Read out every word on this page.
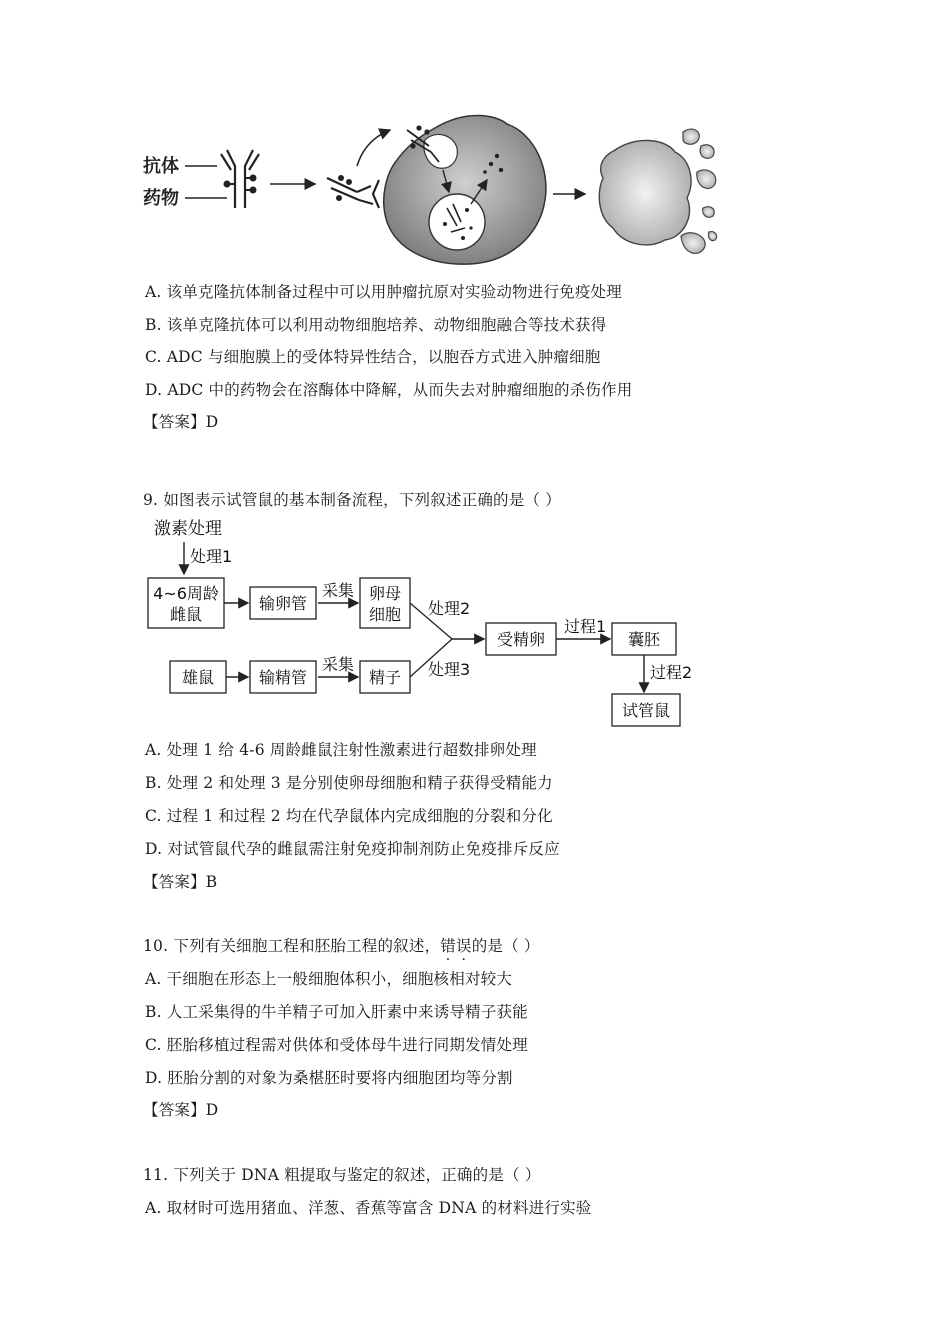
抗体
药物
A. 该单克隆抗体制备过程中可以用肿瘤抗原对实验动物进行免疫处理
B. 该单克隆抗体可以利用动物细胞培养、动物细胞融合等技术获得
C. ADC 与细胞膜上的受体特异性结合，以胞吞方式进入肿瘤细胞
D. ADC 中的药物会在溶酶体中降解，从而失去对肿瘤细胞的杀伤作用
【答案】D
9. 如图表示试管鼠的基本制备流程，下列叙述正确的是（ ）
激素处理
处理1
4~6周龄
雌鼠
输卵管
采集 卵母
细胞 处理2
受精卵
过程1
囊胚
过程2
试管鼠
雄鼠	输精管
采集
精子 处理3
A. 处理 1 给 4-6 周龄雌鼠注射性激素进行超数排卵处理
B. 处理 2 和处理 3 是分别使卵母细胞和精子获得受精能力
C. 过程 1 和过程 2 均在代孕鼠体内完成细胞的分裂和分化
D. 对试管鼠代孕的雌鼠需注射免疫抑制剂防止免疫排斥反应
【答案】B
10. 下列有关细胞工程和胚胎工程的叙述，错误的是（ ）
A. 干细胞在形态上一般细胞体积小，细胞核相对较大
B. 人工采集得的牛羊精子可加入肝素中来诱导精子获能
C. 胚胎移植过程需对供体和受体母牛进行同期发情处理
D. 胚胎分割的对象为桑椹胚时要将内细胞团均等分割
【答案】D
11. 下列关于 DNA 粗提取与鉴定的叙述，正确的是（ ）
A. 取材时可选用猪血、洋葱、香蕉等富含 DNA 的材料进行实验
